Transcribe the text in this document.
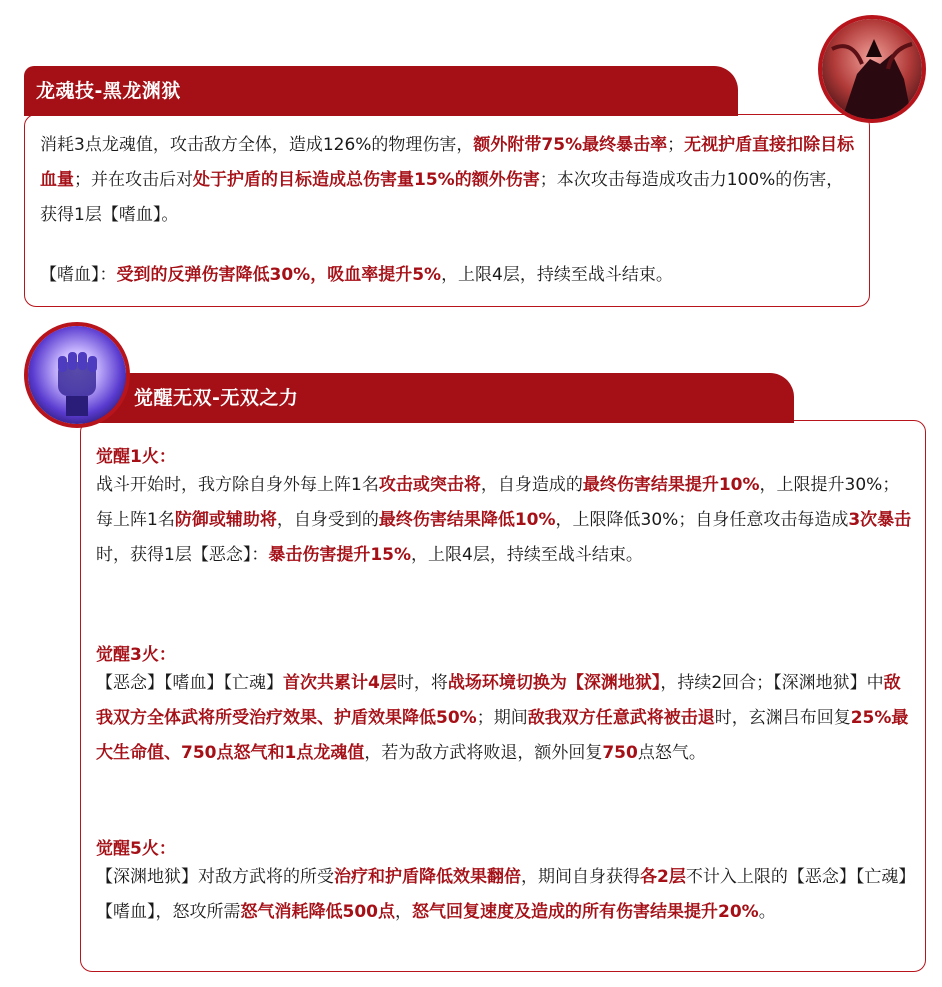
龙魂技-黑龙渊狱

消耗3点龙魂值，攻击敌方全体，造成126%的物理伤害，额外附带75%最终暴击率；无视护盾直接扣除目标血量；并在攻击后对处于护盾的目标造成总伤害量15%的额外伤害；本次攻击每造成攻击力100%的伤害，获得1层【嗜血】。

【嗜血】：受到的反弹伤害降低30%，吸血率提升5%，上限4层，持续至战斗结束。

觉醒无双-无双之力
觉醒1火：

战斗开始时，我方除自身外每上阵1名攻击或突击将，自身造成的最终伤害结果提升10%，上限提升30%；每上阵1名防御或辅助将，自身受到的最终伤害结果降低10%，上限降低30%；自身任意攻击每造成3次暴击时，获得1层【恶念】：暴击伤害提升15%，上限4层，持续至战斗结束。

觉醒3火：

【恶念】【嗜血】【亡魂】首次共累计4层时，将战场环境切换为【深渊地狱】，持续2回合；【深渊地狱】中敌我双方全体武将所受治疗效果、护盾效果降低50%；期间敌我双方任意武将被击退时，玄渊吕布回复25%最大生命值、750点怒气和1点龙魂值，若为敌方武将败退，额外回复750点怒气。

觉醒5火：

【深渊地狱】对敌方武将的所受治疗和护盾降低效果翻倍，期间自身获得各2层不计入上限的【恶念】【亡魂】【嗜血】，怒攻所需怒气消耗降低500点，怒气回复速度及造成的所有伤害结果提升20%。
